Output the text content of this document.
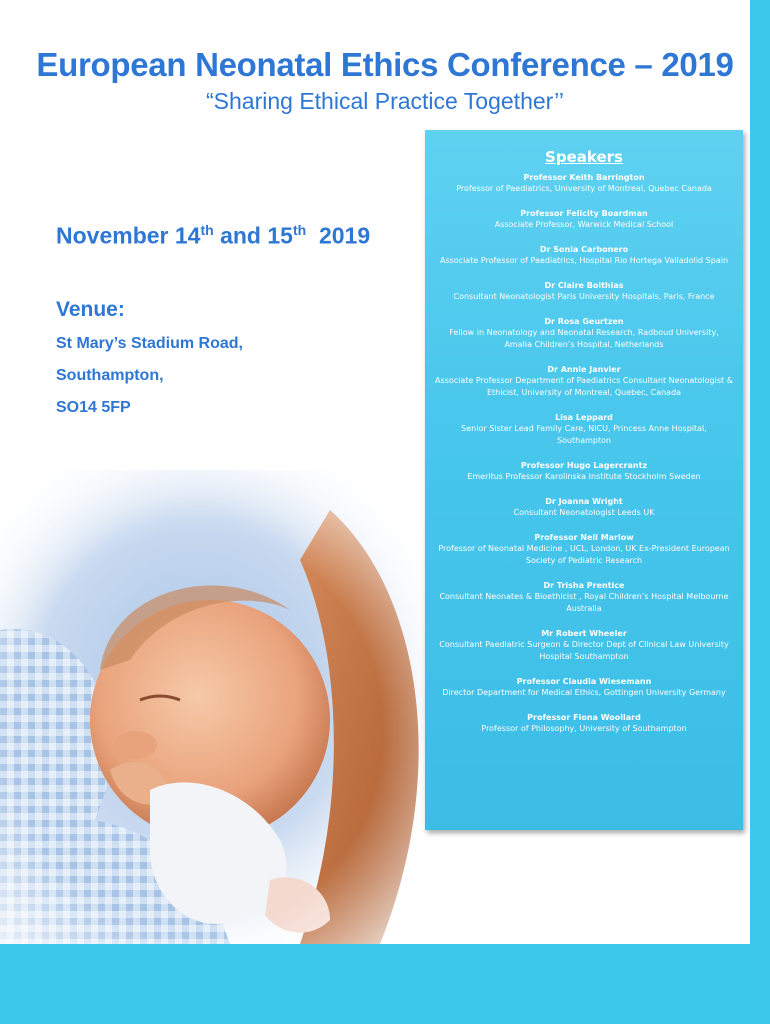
European Neonatal Ethics Conference – 2019

“Sharing Ethical Practice Together’’

November 14th and 15th  2019
Venue:
St Mary’s Stadium Road,
Southampton,
SO14 5FP
Speakers
Professor Keith Barrington
Professor of Paediatrics, University of Montreal, Quebec Canada
Professor Felicity Boardman
Associate Professor, Warwick Medical School
Dr Sonia Carbonero
Associate Professor of Paediatrics, Hospital Rio Hortega Valladolid Spain
Dr Claire Boithias
Consultant Neonatologist Paris University Hospitals, Paris, France
Dr Rosa Geurtzen
Fellow in Neonatology and Neonatal Research, Radboud University, Amalia Children’s Hospital, Netherlands
Dr Annie Janvier
Associate Professor Department of Paediatrics Consultant Neonatologist & Ethicist, University of Montreal, Quebec, Canada
Lisa Leppard
Senior Sister Lead Family Care, NICU, Princess Anne Hospital, Southampton
Professor Hugo Lagercrantz
Emeritus Professor Karolinska Institute Stockholm Sweden
Dr Joanna Wright
Consultant Neonatologist Leeds UK
Professor Neil Marlow
Professor of Neonatal Medicine , UCL, London, UK Ex-President European Society of Pediatric Research
Dr Trisha Prentice
Consultant Neonates & Bioethicist , Royal Children’s Hospital Melbourne Australia
Mr Robert Wheeler
Consultant Paediatric Surgeon & Director Dept of Clinical Law University Hospital Southampton
Professor Claudia Wiesemann
Director Department for Medical Ethics, Gottingen University Germany
Professor Fiona Woollard
Professor of Philosophy, University of Southampton
